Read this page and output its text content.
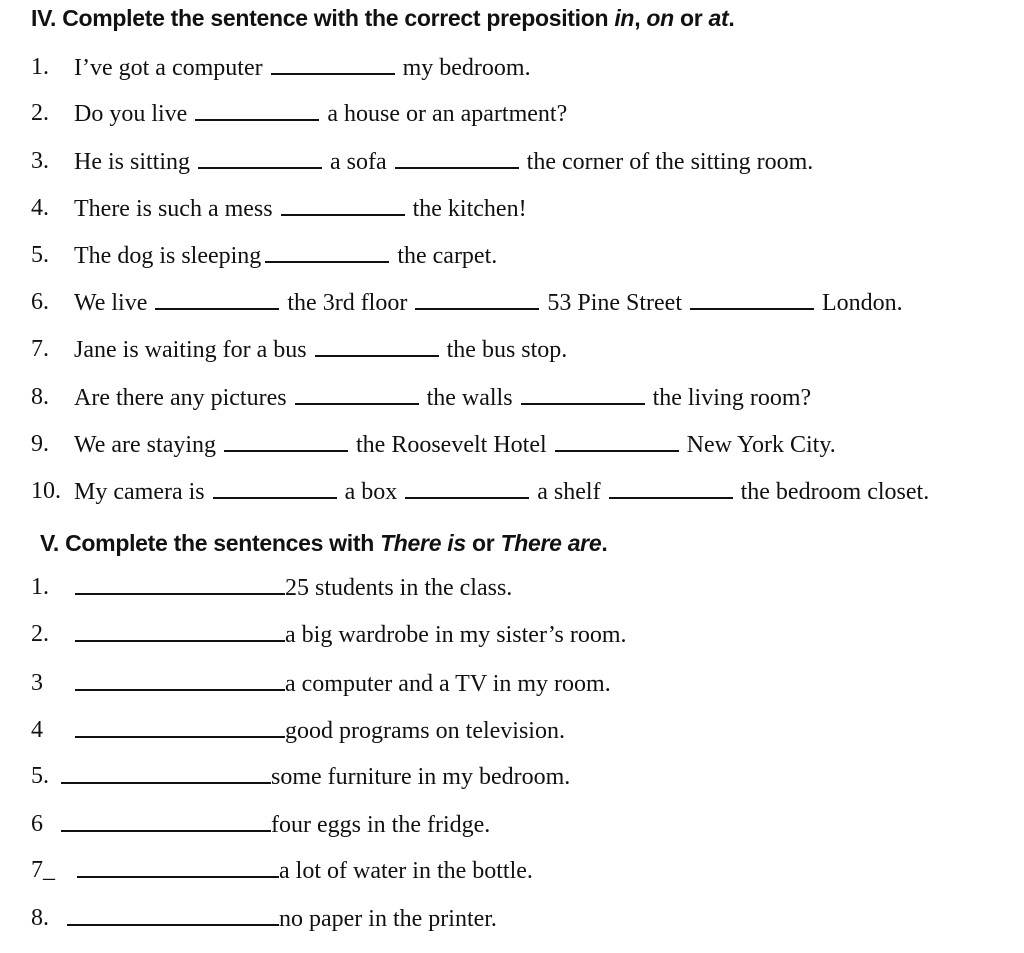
IV. Complete the sentence with the correct preposition in, on or at.
1. I’ve got a computer	my bedroom.
2. Do you live	a house or an apartment?
3. He is sitting	a sofa	the corner of the sitting room.
4. There is such a mess	the kitchen!
5. The dog is sleeping	the carpet.
6. We live	the 3rd floor	53 Pine Street	London.
7. Jane is waiting for a bus	the bus stop.
8. Are there any pictures	the walls	the living room?
9. We are staying	the Roosevelt Hotel	New York City.
10. My camera is	a box	a shelf	the bedroom closet.
V. Complete the sentences with There is or There are.
1.	25 students in the class.
2.	a big wardrobe in my sister’s room.
3	a computer and a TV in my room.
4	good programs on television.
5.	some furniture in my bedroom.
6	four eggs in the fridge.
7_	a lot of water in the bottle.
8.	no paper in the printer.
